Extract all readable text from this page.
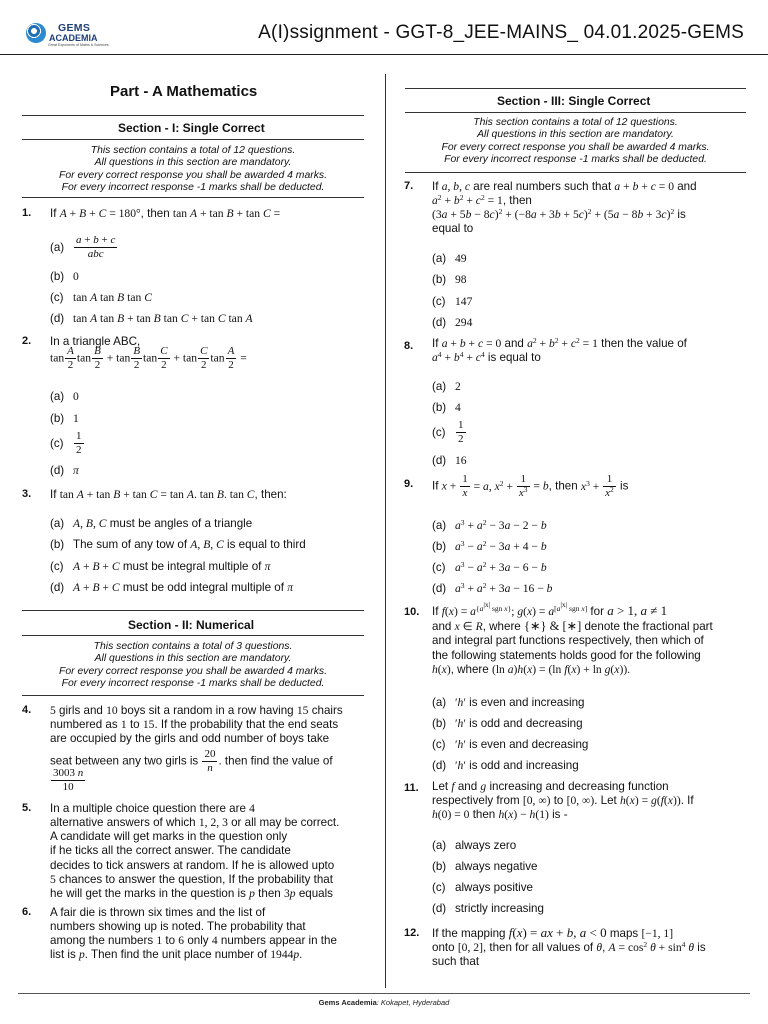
GEMS
ACADEMIA
Great Exponents of Maths & Sciences
A(I)ssignment - GGT-8_JEE-MAINS_ 04.01.2025-GEMS
Part - A Mathematics
Section - I: Single Correct
This section contains a total of 12 questions.
All questions in this section are mandatory.
For every correct response you shall be awarded 4 marks.
For every incorrect response -1 marks shall be deducted.
1. If A + B + C = 180°, then tan A + tan B + tan C =
$(a) \frac{a + b + c}{\text{abc}}$
(b) 0
(c) tan A tan B tan C
(d) tan A tan B + tan B tan C + tan C tan A
2. In a triangle ABC,
$\tan \frac{A}{2}$ $\tan \frac{B}{2} + \tan \frac{B}{2}$ $\tan \frac{C}{2} + \tan \frac{C}{2}$ $\tan \frac{A}{2}$ =
(a) 0
(b) 1
$(c) \frac{1}{2}$
(d) π
3. If tan A + tan B + tan C = tan A. tan B. tan C, then:
(a) A, B, C must be angles of a triangle
(b) The sum of any tow of A, B, C is equal to third
(c) A + B + C must be integral multiple of π
(d) A + B + C must be odd integral multiple of π
Section - II: Numerical
This section contains a total of 3 questions.
All questions in this section are mandatory.
For every correct response you shall be awarded 4 marks.
For every incorrect response -1 marks shall be deducted.
4. 5 girls and 10 boys sit a random in a row having 15 chairs
numbered as 1 to 15. If the probability that the end seats
are occupied by the girls and odd number of boys take
seat between any two girls is $\frac{20}{n}$ . then find the value of
$\frac{3003 n}{10}$
5. In a multiple choice question there are 4
alternative answers of which 1, 2, 3 or all may be correct.
A candidate will get marks in the question only
if he ticks all the correct answer. The candidate
decides to tick answers at random. If he is allowed upto
5 chances to answer the question, If the probability that
he will get the marks in the question is p then 3p equals
6. A fair die is thrown six times and the list of
numbers showing up is noted. The probability that
among the numbers 1 to 6 only 4 numbers appear in the
list is p. Then find the unit place number of 1944p.
Section - III: Single Correct
This section contains a total of 12 questions.
All questions in this section are mandatory.
For every correct response you shall be awarded 4 marks.
For every incorrect response -1 marks shall be deducted.
7. If a, b, c are real numbers such that a + b + c = 0 and
$a^2 + b^2 + c^2 = 1$, then
$(3a + 5b - 8c)^2 + (-8a + 3b + 5c)^2 + (5a - 8b + 3c)^2$ is
equal to
(a) 49
(b) 98
(c) 147
(d) 294
8. If a + b + c = 0 and $a^2 + b^2 + c^2 = 1$ then the value of
$a^4 + b^4 + c^4$ is equal to
(a) 2
(b) 4
$(c) \frac{1}{2}$
(d) 16
9. If $x + \frac{1}{x} = a$, $x^2 + \frac{1}{x^3} = b$, then $x^3 + \frac{1}{x^2}$ is
(a) $a^3 + a^2 - 3a - 2 - b$
(b) $a^3 - a^2 - 3a + 4 - b$
(c) $a^3 - a^2 + 3a - 6 - b$
(d) $a^3 + a^2 + 3a - 16 - b$
10. If $f(x) = a^{\{a^{|x|} sgn x\}}$; g(x) = a[a|x| sgn x] for a > 1, a ≠ 1
and x ∈ R, where {∗} & [∗] denote the fractional part
and integral part functions respectively, then which of
the following statements holds good for the following
h(x), where (ln a)h(x) = (ln f(x) + ln g(x)).
(a) ′h′ is even and increasing
(b) ′h′ is odd and decreasing
(c) ′h′ is even and decreasing
(d) ′h′ is odd and increasing
11. Let f and g increasing and decreasing function
respectively from [0, ∞) to [0, ∞). Let h(x) = g(f(x)). If
h(0) = 0 then h(x) − h(1) is -
(a) always zero
(b) always negative
(c) always positive
(d) strictly increasing
12. If the mapping f(x) = ax + b, a < 0 maps [−1, 1]
onto [0, 2], then for all values of θ, $A = \cos^2 \theta + \sin^4 \theta$ is
such that
Gems Academia: Kokapet, Hyderabad
